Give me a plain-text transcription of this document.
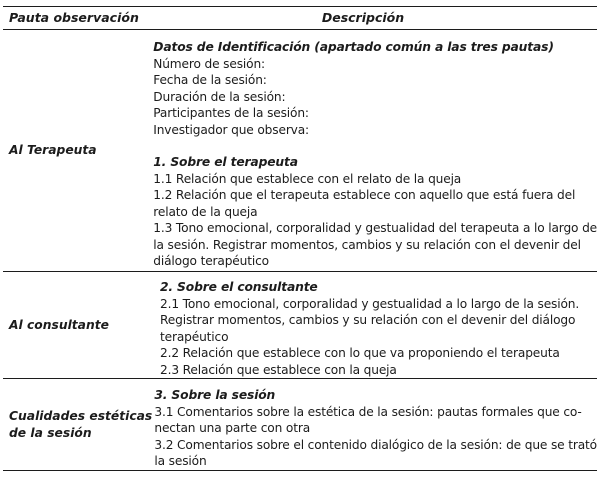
Pauta observación	Descripción
Al Terapeuta
Datos de Identificación (apartado común a las tres pautas)
Número de sesión:
Fecha de la sesión:
Duración de la sesión:
Participantes de la sesión:
Investigador que observa:
1. Sobre el terapeuta
1.1 Relación que establece con el relato de la queja
1.2 Relación que el terapeuta establece con aquello que está fuera del
relato de la queja
1.3 Tono emocional, corporalidad y gestualidad del terapeuta a lo largo de
la sesión. Registrar momentos, cambios y su relación con el devenir del
diálogo terapéutico
Al consultante
2. Sobre el consultante
2.1 Tono emocional, corporalidad y gestualidad a lo largo de la sesión.
Registrar momentos, cambios y su relación con el devenir del diálogo
terapéutico
2.2 Relación que establece con lo que va proponiendo el terapeuta
2.3 Relación que establece con la queja
Cualidades estéticas
de la sesión
3. Sobre la sesión
3.1 Comentarios sobre la estética de la sesión: pautas formales que co-
nectan una parte con otra
3.2 Comentarios sobre el contenido dialógico de la sesión: de que se trató
la sesión
